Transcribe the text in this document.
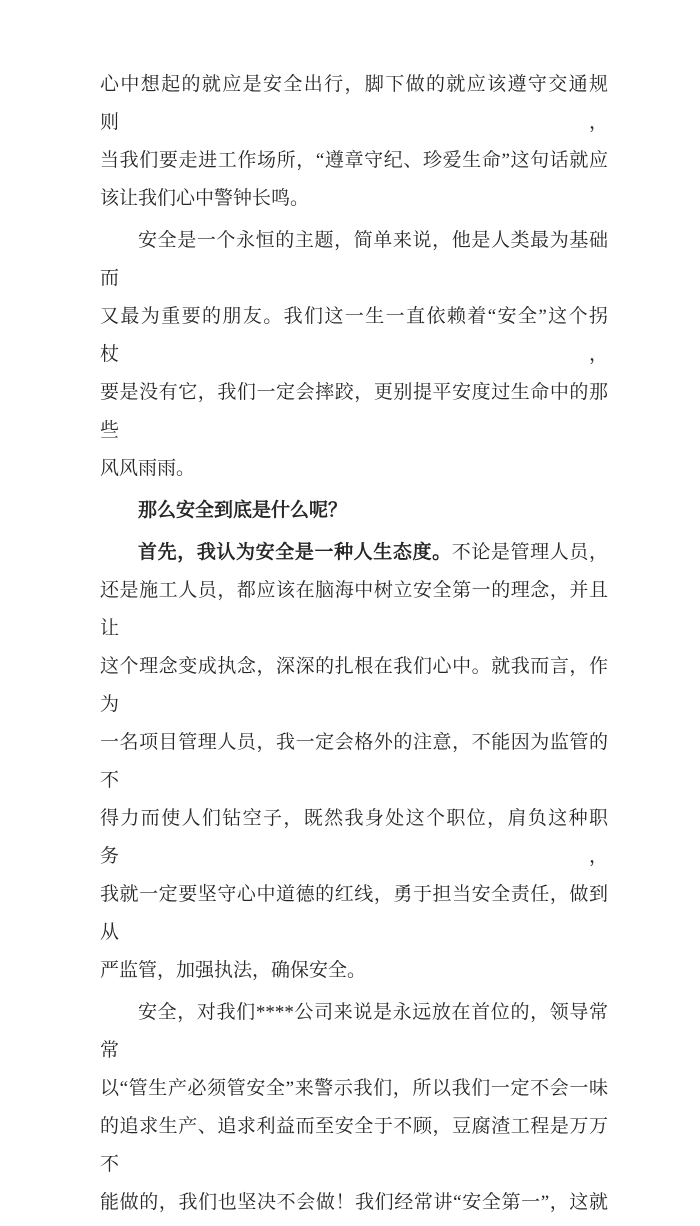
心中想起的就应是安全出行，脚下做的就应该遵守交通规则，
当我们要走进工作场所，“遵章守纪、珍爱生命”这句话就应
该让我们心中警钟长鸣。

安全是一个永恒的主题，简单来说，他是人类最为基础而
又最为重要的朋友。我们这一生一直依赖着“安全”这个拐杖，
要是没有它，我们一定会摔跤，更别提平安度过生命中的那些
风风雨雨。

那么安全到底是什么呢？

首先，我认为安全是一种人生态度。不论是管理人员，
还是施工人员，都应该在脑海中树立安全第一的理念，并且让
这个理念变成执念，深深的扎根在我们心中。就我而言，作为
一名项目管理人员，我一定会格外的注意，不能因为监管的不
得力而使人们钻空子，既然我身处这个职位，肩负这种职务，
我就一定要坚守心中道德的红线，勇于担当安全责任，做到从
严监管，加强执法，确保安全。

安全，对我们****公司来说是永远放在首位的，领导常常
以“管生产必须管安全”来警示我们，所以我们一定不会一味
的追求生产、追求利益而至安全于不顾，豆腐渣工程是万万不
能做的，我们也坚决不会做！我们经常讲“安全第一”，这就
